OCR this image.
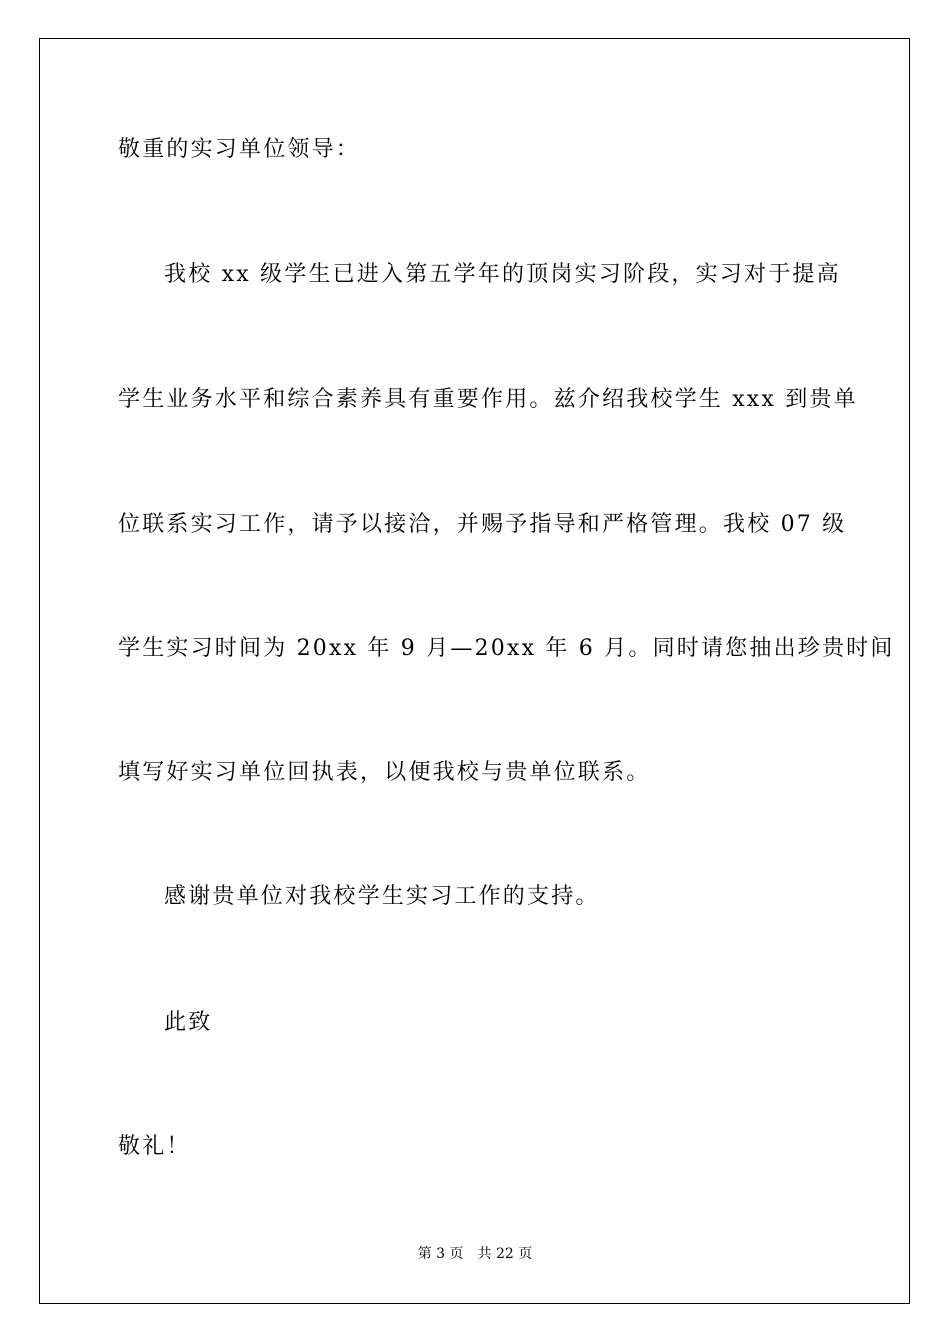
敬重的实习单位领导：
我校 xx 级学生已进入第五学年的顶岗实习阶段，实习对于提高
学生业务水平和综合素养具有重要作用。兹介绍我校学生 xxx 到贵单
位联系实习工作，请予以接洽，并赐予指导和严格管理。我校 07 级
学生实习时间为 20xx 年 9 月—20xx 年 6 月。同时请您抽出珍贵时间
填写好实习单位回执表，以便我校与贵单位联系。
感谢贵单位对我校学生实习工作的支持。
此致
敬礼！
第 3 页 共 22 页
